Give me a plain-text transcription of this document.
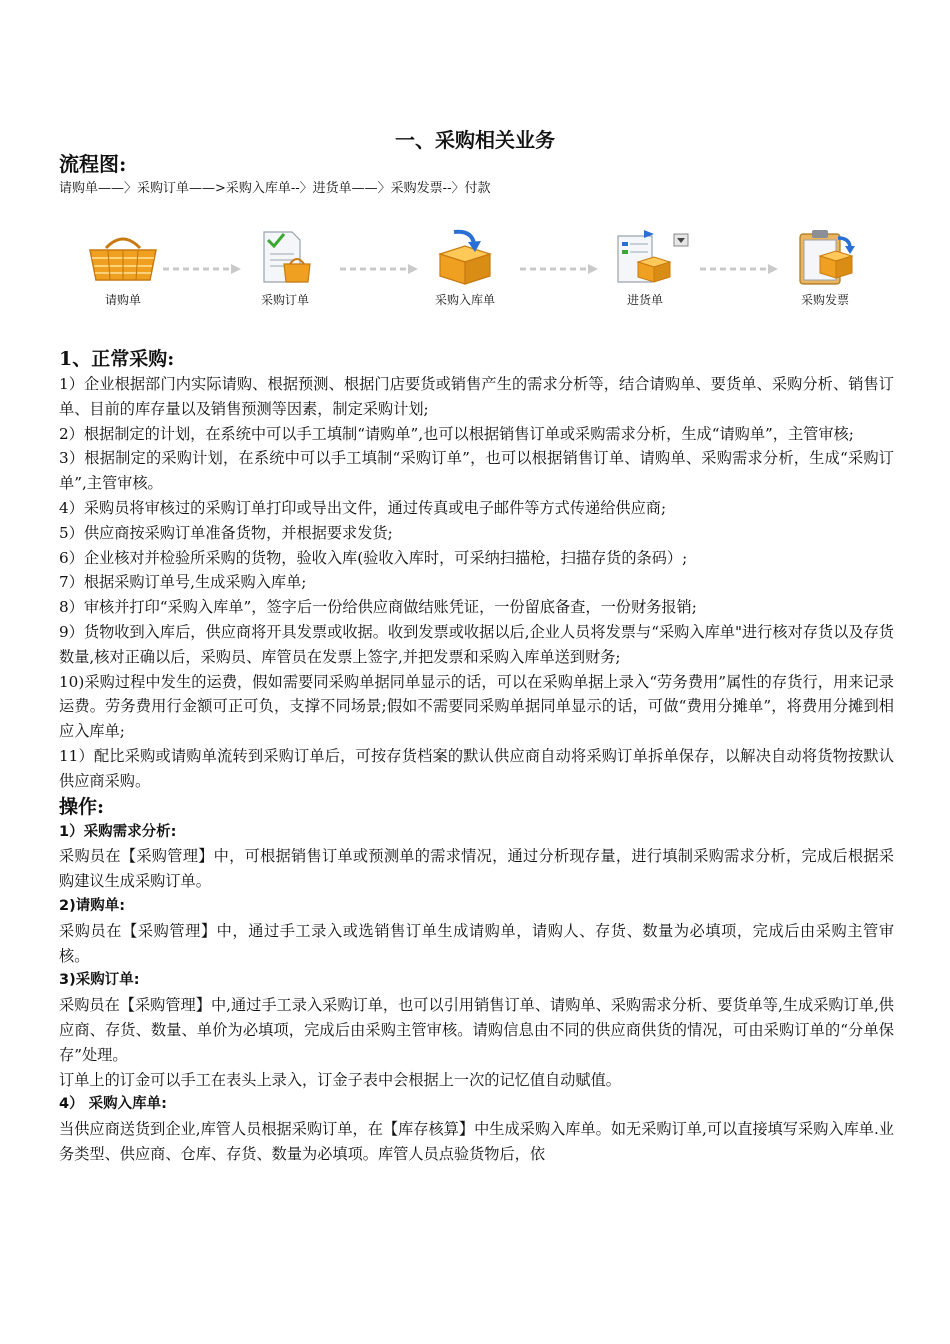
一、采购相关业务
流程图:
请购单——〉采购订单——>采购入库单--〉进货单——〉采购发票--〉付款
请购单	采购订单	采购入库单	进货单	采购发票

1、正常采购:

1）企业根据部门内实际请购、根据预测、根据门店要货或销售产生的需求分析等，结合请购单、要货单、采购分析、销售订单、目前的库存量以及销售预测等因素，制定采购计划;

2）根据制定的计划，在系统中可以手工填制“请购单”,也可以根据销售订单或采购需求分析，生成“请购单”，主管审核;

3）根据制定的采购计划，在系统中可以手工填制“采购订单”，也可以根据销售订单、请购单、采购需求分析，生成“采购订单”,主管审核。

4）采购员将审核过的采购订单打印或导出文件，通过传真或电子邮件等方式传递给供应商;

5）供应商按采购订单准备货物，并根据要求发货;

6）企业核对并检验所采购的货物，验收入库(验收入库时，可采纳扫描枪，扫描存货的条码）;

7）根据采购订单号,生成采购入库单;

8）审核并打印“采购入库单”，签字后一份给供应商做结账凭证，一份留底备查，一份财务报销;

9）货物收到入库后，供应商将开具发票或收据。收到发票或收据以后,企业人员将发票与“采购入库单"进行核对存货以及存货数量,核对正确以后，采购员、库管员在发票上签字,并把发票和采购入库单送到财务;

10)采购过程中发生的运费，假如需要同采购单据同单显示的话，可以在采购单据上录入“劳务费用”属性的存货行，用来记录运费。劳务费用行金额可正可负，支撑不同场景;假如不需要同采购单据同单显示的话，可做“费用分摊单”，将费用分摊到相应入库单;

11）配比采购或请购单流转到采购订单后，可按存货档案的默认供应商自动将采购订单拆单保存，以解决自动将货物按默认供应商采购。

操作:

1）采购需求分析:

采购员在【采购管理】中，可根据销售订单或预测单的需求情况，通过分析现存量，进行填制采购需求分析，完成后根据采购建议生成采购订单。

2)请购单:

采购员在【采购管理】中，通过手工录入或选销售订单生成请购单，请购人、存货、数量为必填项，完成后由采购主管审核。

3)采购订单:

采购员在【采购管理】中,通过手工录入采购订单，也可以引用销售订单、请购单、采购需求分析、要货单等,生成采购订单,供应商、存货、数量、单价为必填项，完成后由采购主管审核。请购信息由不同的供应商供货的情况，可由采购订单的“分单保存”处理。

订单上的订金可以手工在表头上录入，订金子表中会根据上一次的记忆值自动赋值。

4） 采购入库单:

当供应商送货到企业,库管人员根据采购订单，在【库存核算】中生成采购入库单。如无采购订单,可以直接填写采购入库单.业务类型、供应商、仓库、存货、数量为必填项。库管人员点验货物后，依
